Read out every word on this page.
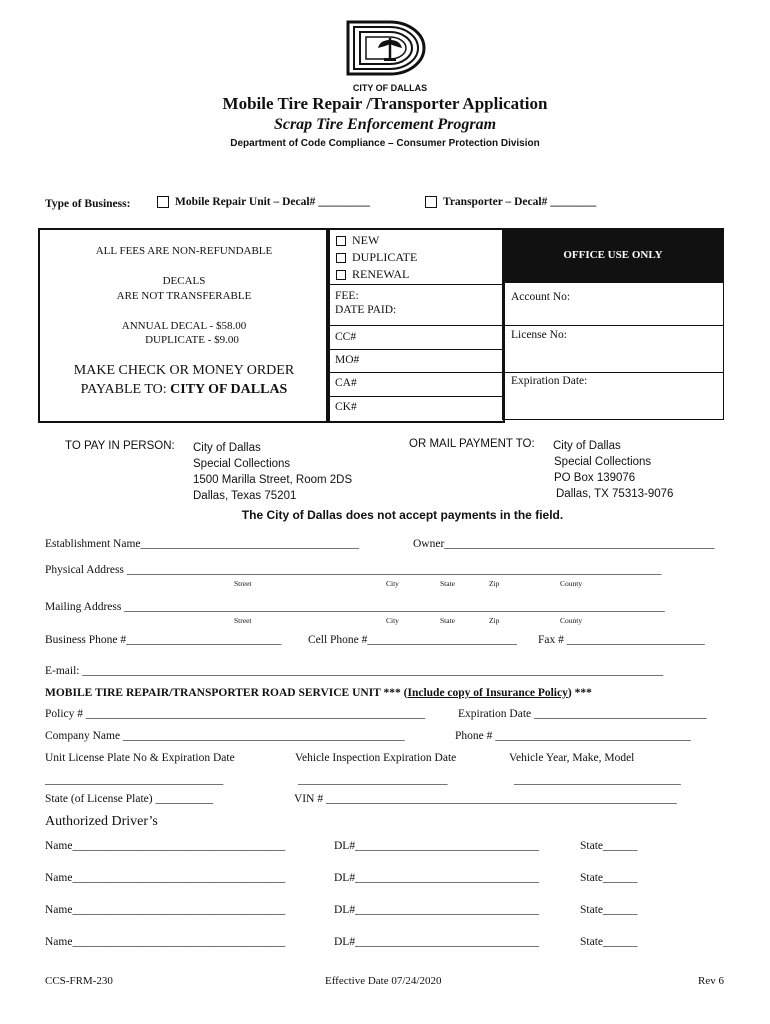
CITY OF DALLAS
Mobile Tire Repair /Transporter Application
Scrap Tire Enforcement Program
Department of Code Compliance – Consumer Protection Division
Type of Business:	Mobile Repair Unit – Decal# _________	Transporter – Decal# ________
ALL FEES ARE NON-REFUNDABLE
DECALS
ARE NOT TRANSFERABLE
ANNUAL DECAL - $58.00
DUPLICATE - $9.00
MAKE CHECK OR MONEY ORDER
PAYABLE TO: CITY OF DALLAS
NEW
DUPLICATE
RENEWAL
FEE:
DATE PAID:
CC#
MO#
CA#
CK#
OFFICE USE ONLY
Account No:
License No:
Expiration Date:
TO PAY IN PERSON: City of Dallas
Special Collections
1500 Marilla Street, Room 2DS
Dallas, Texas 75201
OR MAIL PAYMENT TO: City of Dallas
Special Collections
PO Box 139076
Dallas, TX 75313-9076
The City of Dallas does not accept payments in the field.
Establishment Name______________________________________	Owner_______________________________________________
Physical Address _____________________________________________________________________________________________
Street	City	State	Zip	County
Mailing Address ______________________________________________________________________________________________
Street	City	State	Zip	County
Business Phone #___________________________ Cell Phone #__________________________ Fax # ________________________
E-mail: _____________________________________________________________________________________________________
MOBILE TIRE REPAIR/TRANSPORTER ROAD SERVICE UNIT *** (Include copy of Insurance Policy) ***
Policy # ___________________________________________________________	Expiration Date ______________________________
Company Name _________________________________________________	Phone # __________________________________
Unit License Plate No & Expiration Date	Vehicle Inspection Expiration Date	Vehicle Year, Make, Model
_______________________________	__________________________	_____________________________
State (of License Plate) __________	VIN # _____________________________________________________________
Authorized Driver’s
Name_____________________________________	DL#________________________________	State______
Name_____________________________________	DL#________________________________	State______
Name_____________________________________	DL#________________________________	State______
Name_____________________________________	DL#________________________________	State______
CCS-FRM-230	Effective Date 07/24/2020	Rev 6
